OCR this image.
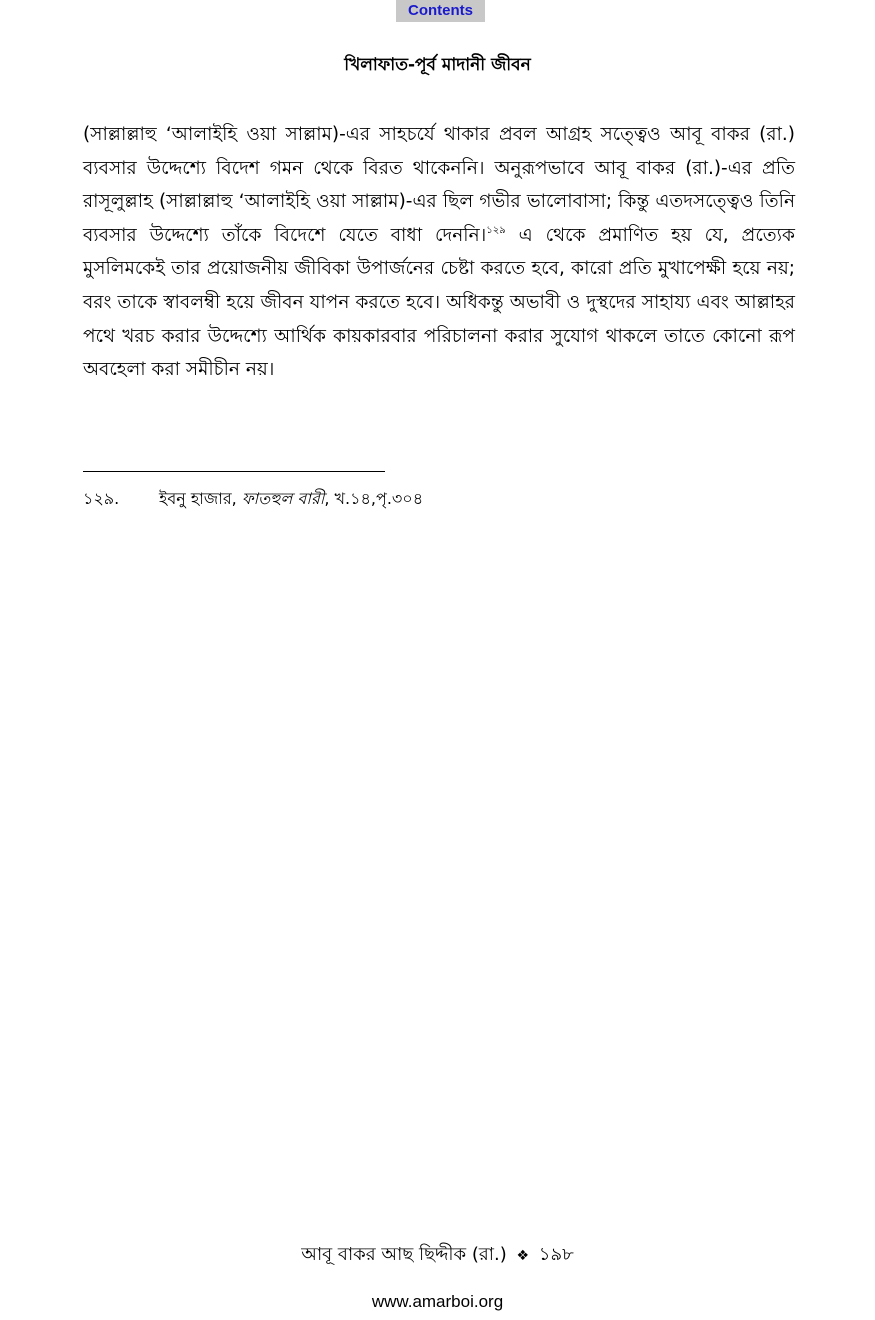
Contents
খিলাফাত-পূর্ব মাদানী জীবন

(সাল্লাল্লাহু ‘আলাইহি ওয়া সাল্লাম)-এর সাহচর্যে থাকার প্রবল আগ্রহ সত্ত্বেও আবূ বাকর (রা.) ব্যবসার উদ্দেশ্যে বিদেশ গমন থেকে বিরত থাকেননি। অনুরূপভাবে আবূ বাকর (রা.)-এর প্রতি রাসূলুল্লাহ (সাল্লাল্লাহু ‘আলাইহি ওয়া সাল্লাম)-এর ছিল গভীর ভালোবাসা; কিন্তু এতদসত্ত্বেও তিনি ব্যবসার উদ্দেশ্যে তাঁকে বিদেশে যেতে বাধা দেননি।$^{১২৯}$ এ থেকে প্রমাণিত হয় যে, প্রত্যেক মুসলিমকেই তার প্রয়োজনীয় জীবিকা উপার্জনের চেষ্টা করতে হবে, কারো প্রতি মুখাপেক্ষী হয়ে নয়; বরং তাকে স্বাবলম্বী হয়ে জীবন যাপন করতে হবে। অধিকন্তু অভাবী ও দুস্থদের সাহায্য এবং আল্লাহর পথে খরচ করার উদ্দেশ্যে আর্থিক কায়কারবার পরিচালনা করার সুযোগ থাকলে তাতে কোনো রূপ অবহেলা করা সমীচীন নয়।

১২৯. ইবনু হাজার, ফাতহুল বারী, খ.১৪,পৃ.৩০৪
আবূ বাকর আছ ছিদ্দীক (রা.) ❖ ১৯৮
www.amarboi.org
